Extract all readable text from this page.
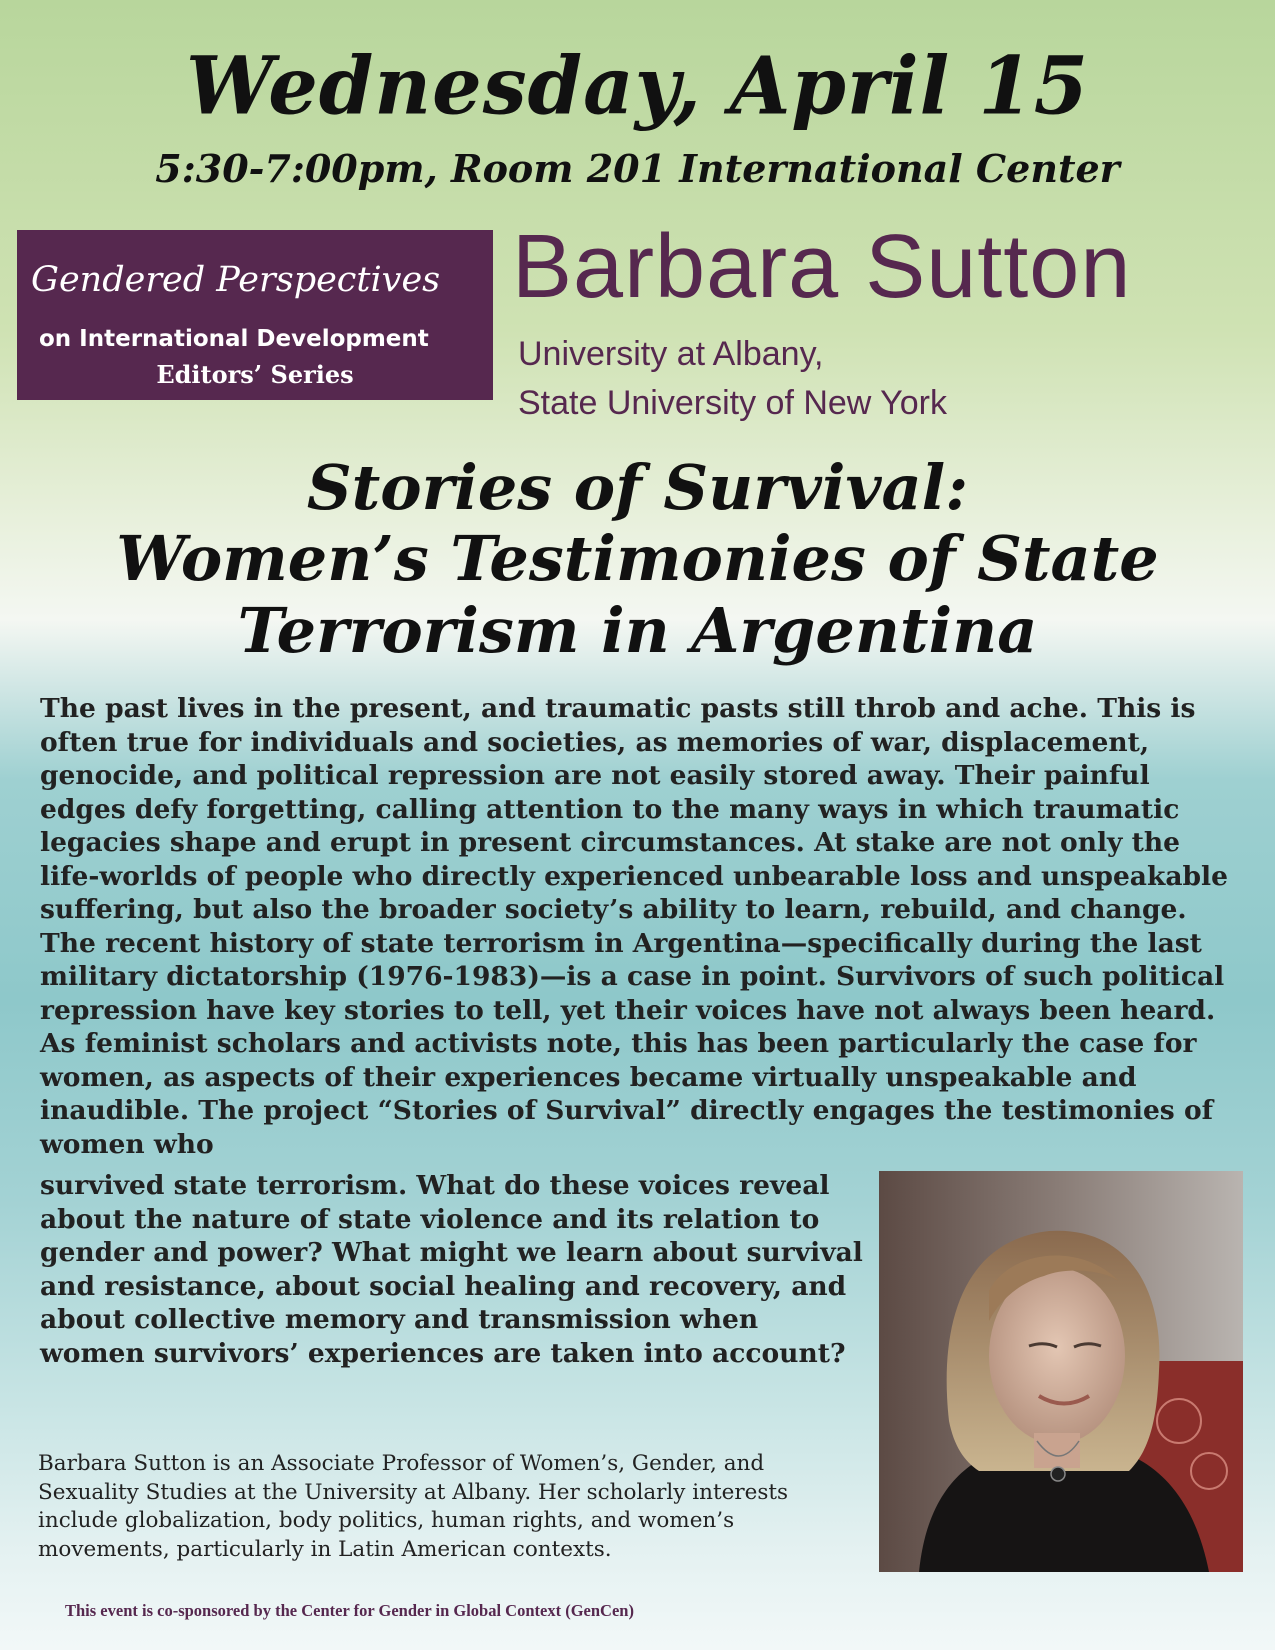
Wednesday, April 15
5:30-7:00pm, Room 201 International Center
Gendered Perspectives
on International Development
Editors’ Series
Barbara Sutton
University at Albany,
State University of New York
Stories of Survival:
Women’s Testimonies of State
Terrorism in Argentina
The past lives in the present, and traumatic pasts still throb and ache. This is often true for individuals and societies, as memories of war, displacement, genocide, and political repression are not easily stored away. Their painful edges defy forgetting, calling attention to the many ways in which traumatic legacies shape and erupt in present circumstances. At stake are not only the life-worlds of people who directly experienced unbearable loss and unspeakable suffering, but also the broader society’s ability to learn, rebuild, and change. The recent history of state terrorism in Argentina—specifically during the last military dictatorship (1976-1983)—is a case in point. Survivors of such political repression have key stories to tell, yet their voices have not always been heard. As feminist scholars and activists note, this has been particularly the case for women, as aspects of their experiences became virtually unspeakable and inaudible. The project “Stories of Survival” directly engages the testimonies of women who
survived state terrorism. What do these voices reveal about the nature of state violence and its relation to gender and power? What might we learn about survival and resistance, about social healing and recovery, and about collective memory and transmission when women survivors’ experiences are taken into account?
Barbara Sutton is an Associate Professor of Women’s, Gender, and Sexuality Studies at the University at Albany. Her scholarly interests include globalization, body politics, human rights, and women’s movements, particularly in Latin American contexts.
This event is co-sponsored by the Center for Gender in Global Context (GenCen)
